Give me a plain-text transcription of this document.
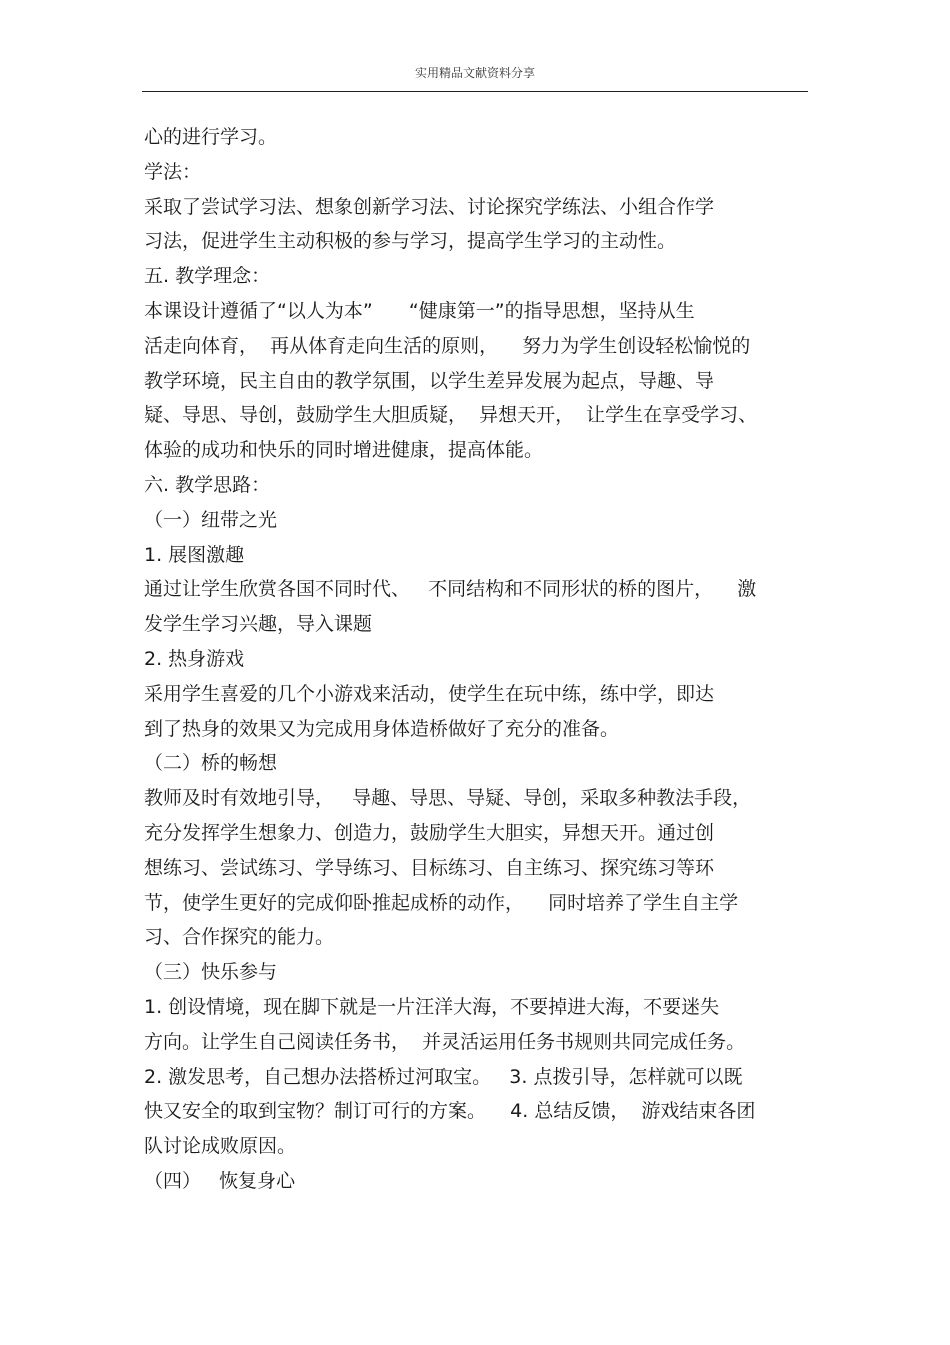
实用精品文献资料分享
心的进行学习。
学法：
采取了尝试学习法、想象创新学习法、讨论探究学练法、小组合作学
习法，促进学生主动积极的参与学习，提高学生学习的主动性。
五. 教学理念：
本课设计遵循了“以人为本”      “健康第一”的指导思想，坚持从生
活走向体育，  再从体育走向生活的原则，    努力为学生创设轻松愉悦的
教学环境，民主自由的教学氛围，以学生差异发展为起点，导趣、导
疑、导思、导创，鼓励学生大胆质疑，  异想天开，  让学生在享受学习、
体验的成功和快乐的同时增进健康，提高体能。
六. 教学思路：
（一）纽带之光
1. 展图激趣
通过让学生欣赏各国不同时代、   不同结构和不同形状的桥的图片，    激
发学生学习兴趣，导入课题
2. 热身游戏
采用学生喜爱的几个小游戏来活动，使学生在玩中练，练中学，即达
到了热身的效果又为完成用身体造桥做好了充分的准备。
（二）桥的畅想
教师及时有效地引导，   导趣、导思、导疑、导创，采取多种教法手段，
充分发挥学生想象力、创造力，鼓励学生大胆实，异想天开。通过创
想练习、尝试练习、学导练习、目标练习、自主练习、探究练习等环
节，使学生更好的完成仰卧推起成桥的动作，    同时培养了学生自主学
习、合作探究的能力。
（三）快乐参与
1. 创设情境，现在脚下就是一片汪洋大海，不要掉进大海，不要迷失
方向。让学生自己阅读任务书，  并灵活运用任务书规则共同完成任务。
2. 激发思考，自己想办法搭桥过河取宝。   3. 点拨引导，怎样就可以既
快又安全的取到宝物？制订可行的方案。    4. 总结反馈，  游戏结束各团
队讨论成败原因。
（四）   恢复身心
